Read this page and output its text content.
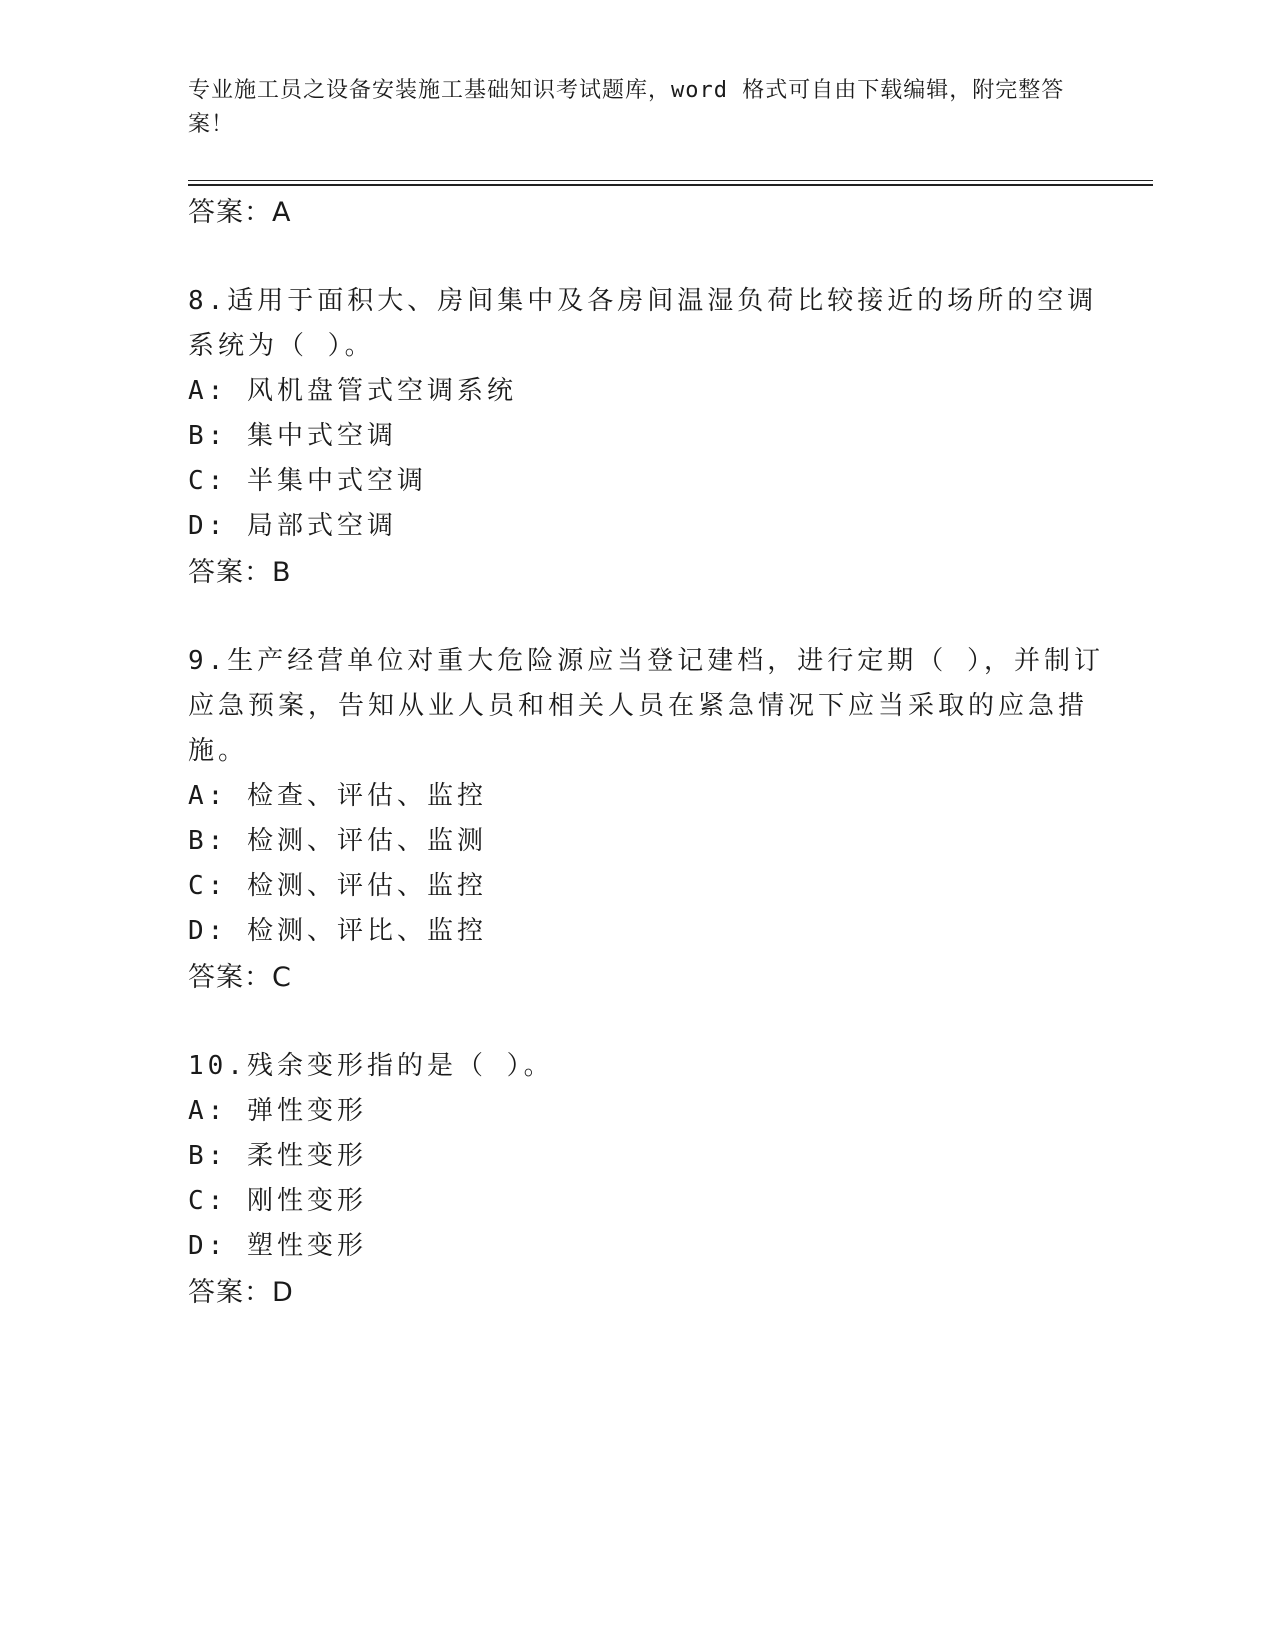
专业施工员之设备安装施工基础知识考试题库，word 格式可自由下载编辑，附完整答案！
答案：A
8.适用于面积大、房间集中及各房间温湿负荷比较接近的场所的空调
系统为（ ）。
A: 风机盘管式空调系统
B: 集中式空调
C: 半集中式空调
D: 局部式空调
答案：B
9.生产经营单位对重大危险源应当登记建档，进行定期（ ），并制订
应急预案，告知从业人员和相关人员在紧急情况下应当采取的应急措
施。
A: 检查、评估、监控
B: 检测、评估、监测
C: 检测、评估、监控
D: 检测、评比、监控
答案：C
10.残余变形指的是（ ）。
A: 弹性变形
B: 柔性变形
C: 刚性变形
D: 塑性变形
答案：D
